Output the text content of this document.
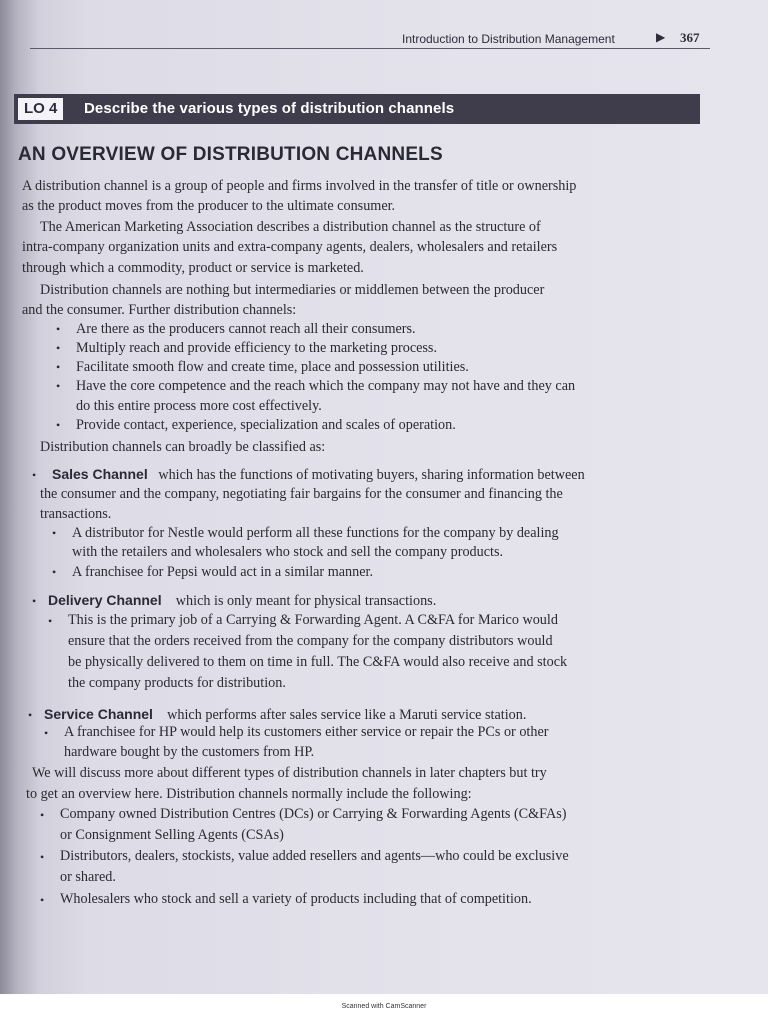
Introduction to Distribution Management	▶ 367
LO 4	Describe the various types of distribution channels
AN OVERVIEW OF DISTRIBUTION CHANNELS
A distribution channel is a group of people and firms involved in the transfer of title or ownership
as the product moves from the producer to the ultimate consumer.
The American Marketing Association describes a distribution channel as the structure of
intra-company organization units and extra-company agents, dealers, wholesalers and retailers
through which a commodity, product or service is marketed.
Distribution channels are nothing but intermediaries or middlemen between the producer
and the consumer. Further distribution channels:
• Are there as the producers cannot reach all their consumers.
• Multiply reach and provide efficiency to the marketing process.
• Facilitate smooth flow and create time, place and possession utilities.
• Have the core competence and the reach which the company may not have and they can
do this entire process more cost effectively.
• Provide contact, experience, specialization and scales of operation.
Distribution channels can broadly be classified as:
• Sales Channel which has the functions of motivating buyers, sharing information between
the consumer and the company, negotiating fair bargains for the consumer and financing the
transactions.
• A distributor for Nestle would perform all these functions for the company by dealing
with the retailers and wholesalers who stock and sell the company products.
• A franchisee for Pepsi would act in a similar manner.
• Delivery Channel which is only meant for physical transactions.
• This is the primary job of a Carrying & Forwarding Agent. A C&FA for Marico would
ensure that the orders received from the company for the company distributors would
be physically delivered to them on time in full. The C&FA would also receive and stock
the company products for distribution.
• Service Channel which performs after sales service like a Maruti service station.
• A franchisee for HP would help its customers either service or repair the PCs or other
hardware bought by the customers from HP.
We will discuss more about different types of distribution channels in later chapters but try
to get an overview here. Distribution channels normally include the following:
• Company owned Distribution Centres (DCs) or Carrying & Forwarding Agents (C&FAs)
or Consignment Selling Agents (CSAs)
• Distributors, dealers, stockists, value added resellers and agents—who could be exclusive
or shared.
• Wholesalers who stock and sell a variety of products including that of competition.
Scanned with CamScanner
